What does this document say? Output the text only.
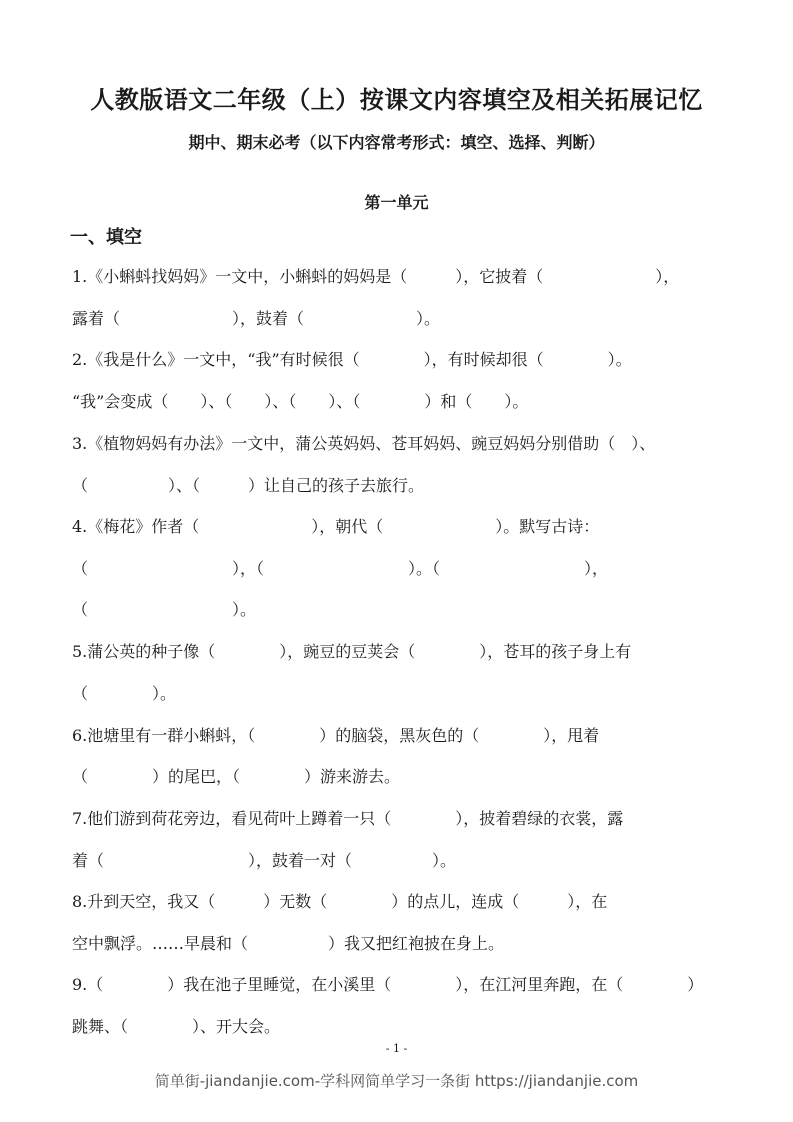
人教版语文二年级（上）按课文内容填空及相关拓展记忆
期中、期末必考（以下内容常考形式：填空、选择、判断）
第一单元
一、填空
1.《小蝌蚪找妈妈》一文中，小蝌蚪的妈妈是（　　　），它披着（　　　　　　　），
露着（　　　　　　　），鼓着（　　　　　　　）。
2.《我是什么》一文中，“我”有时候很（　　　　），有时候却很（　　　　）。
“我”会变成（　　）、（　　）、（　　）、（　　　　）和（　　）。
3.《植物妈妈有办法》一文中，蒲公英妈妈、苍耳妈妈、豌豆妈妈分别借助（　）、
（　　　　　）、（　　　）让自己的孩子去旅行。
4.《梅花》作者（　　　　　　　），朝代（　　　　　　　）。默写古诗：
（　　　　　　　　　），（　　　　　　　　　）。（　　　　　　　　　），
（　　　　　　　　　）。
5.蒲公英的种子像（　　　　），豌豆的豆荚会（　　　　），苍耳的孩子身上有
（　　　　）。
6.池塘里有一群小蝌蚪，（　　　　）的脑袋，黑灰色的（　　　　），甩着
（　　　　）的尾巴，（　　　　）游来游去。
7.他们游到荷花旁边，看见荷叶上蹲着一只（　　　　），披着碧绿的衣裳，露
着（　　　　　　　　　），鼓着一对（　　　　　）。
8.升到天空，我又（　　　）无数（　　　　）的点儿，连成（　　　），在
空中飘浮。……早晨和（　　　　　）我又把红袍披在身上。
9.（　　　　）我在池子里睡觉，在小溪里（　　　　），在江河里奔跑，在（　　　　）
跳舞、（　　　　）、开大会。
- 1 -
简单街-jiandanjie.com-学科网简单学习一条街 https://jiandanjie.com
